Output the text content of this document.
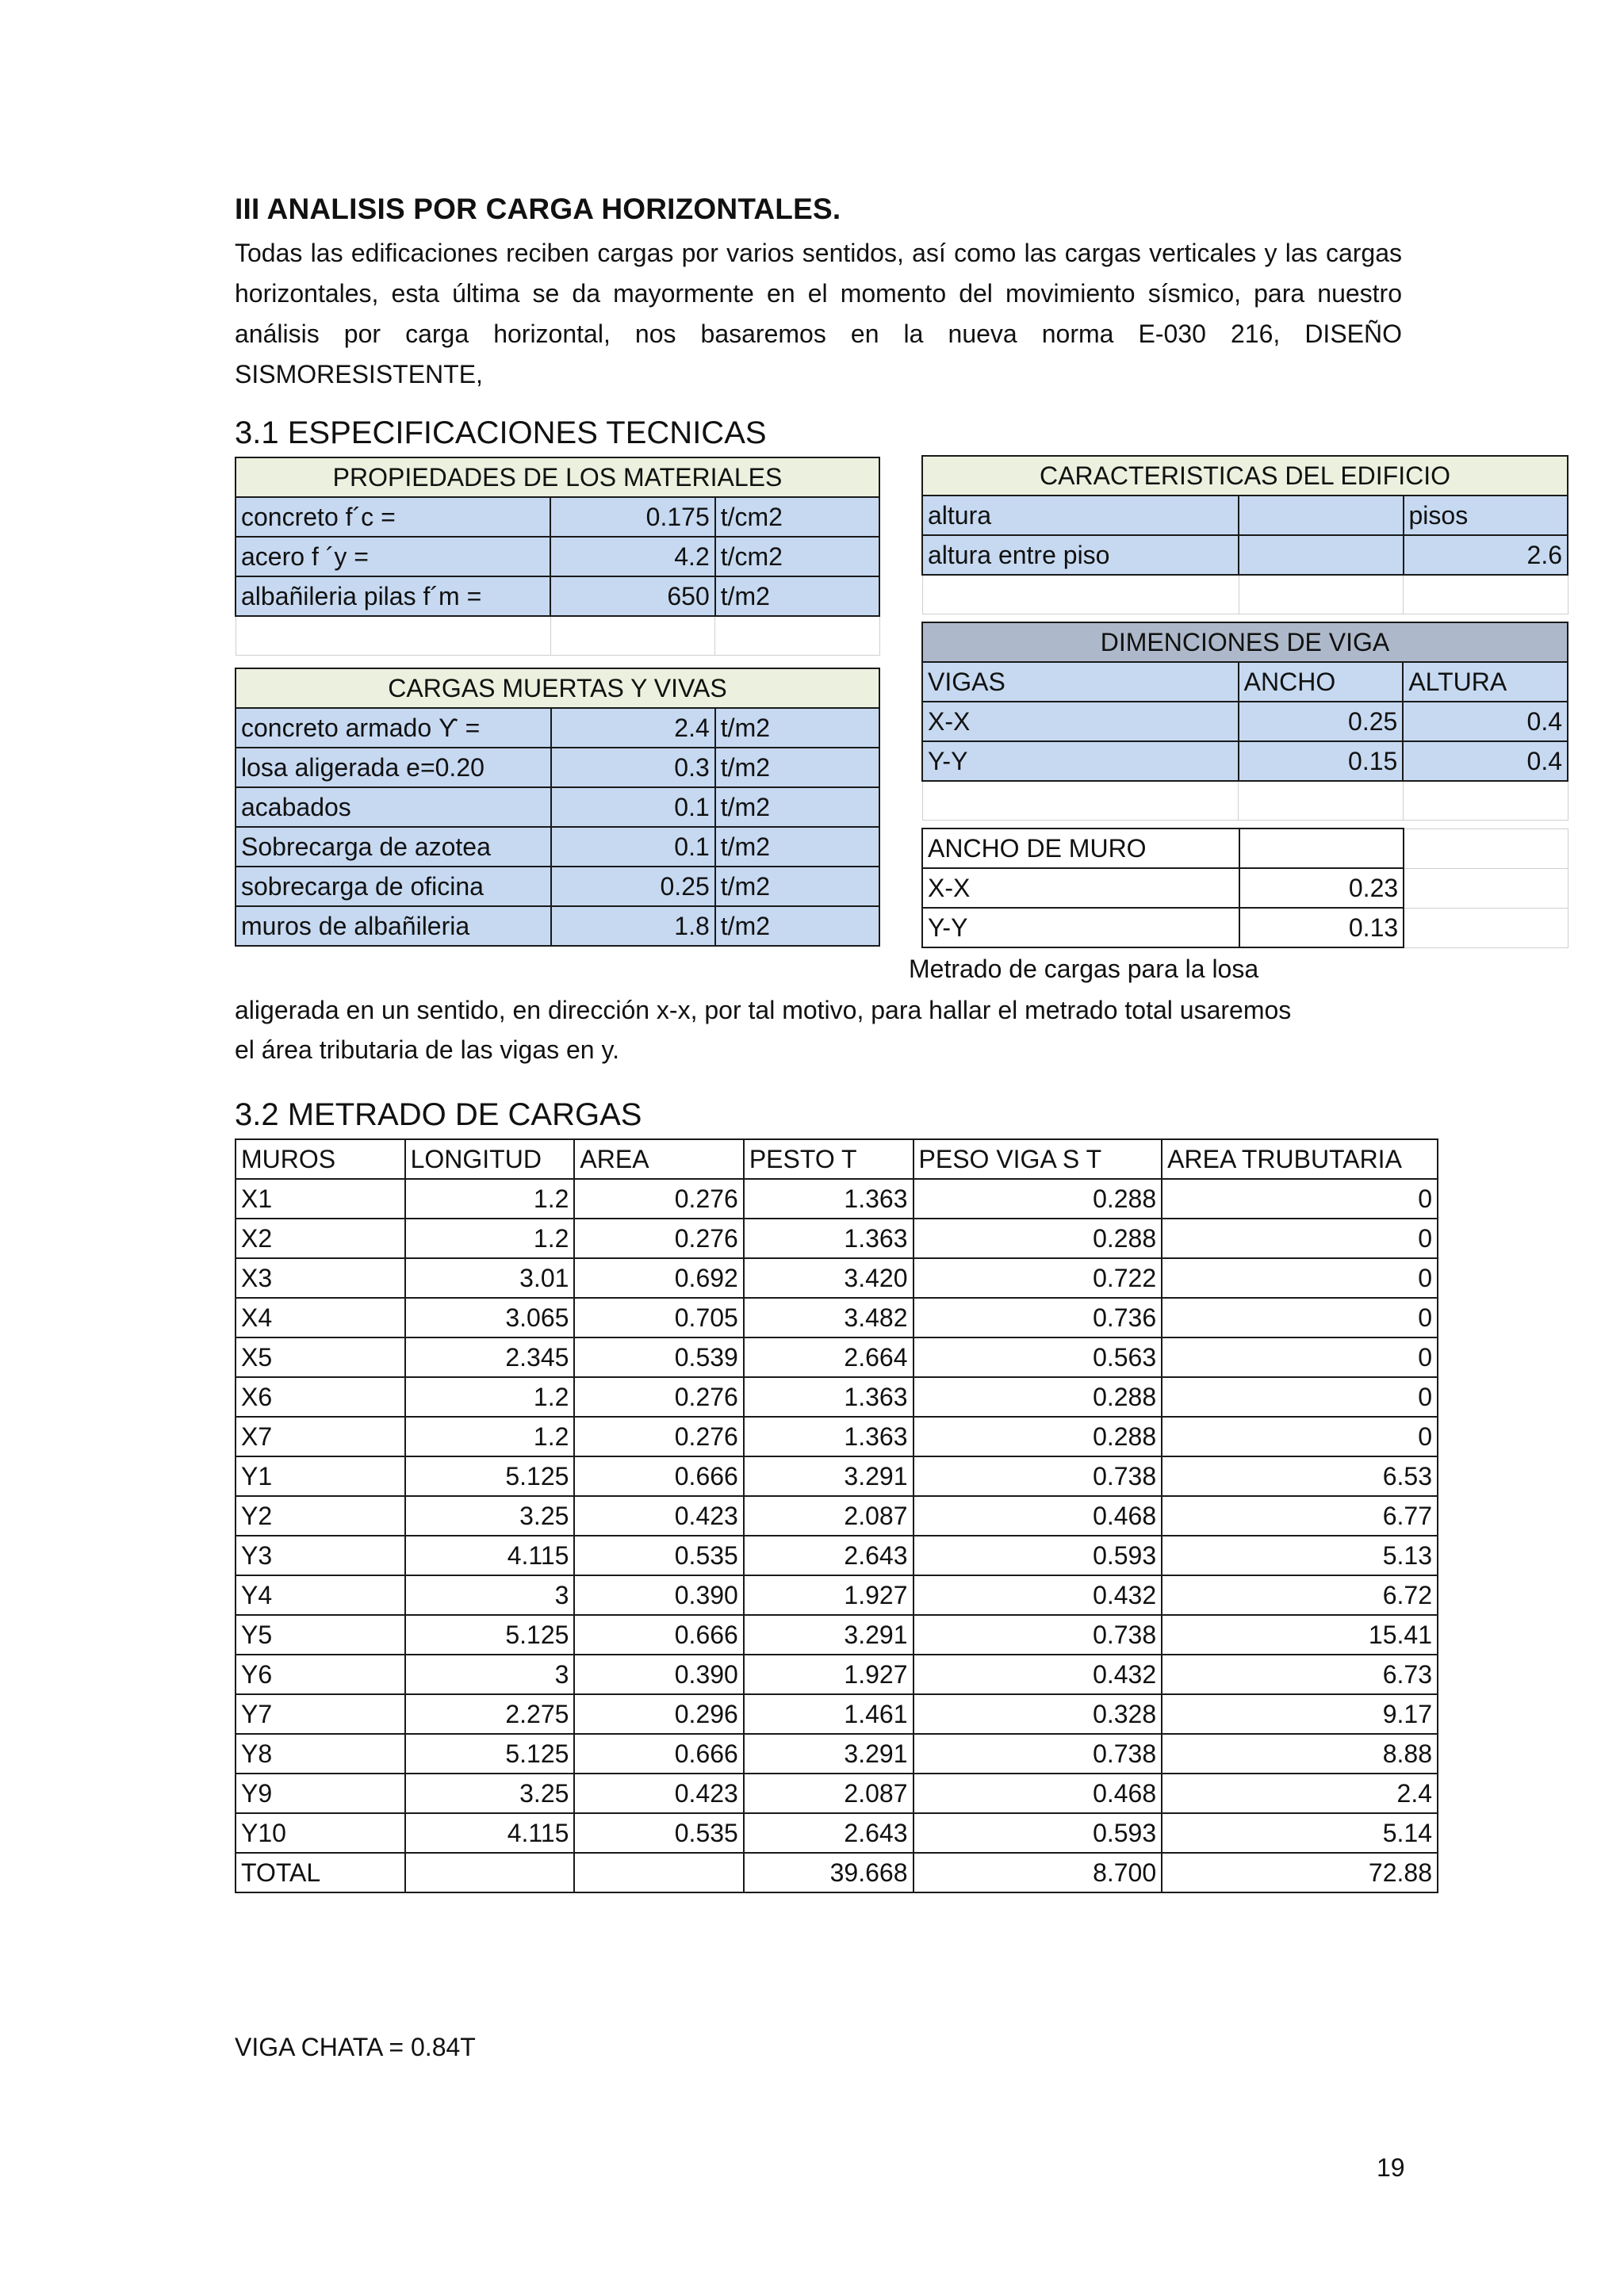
III ANALISIS POR CARGA HORIZONTALES.
Todas las edificaciones reciben cargas por varios sentidos, así como las cargas verticales y las cargas horizontales, esta última se da mayormente en el momento del movimiento sísmico, para nuestro análisis por carga horizontal, nos basaremos en la nueva norma E-030 216, DISEÑO SISMORESISTENTE,
3.1 ESPECIFICACIONES TECNICAS
PROPIEDADES DE LOS MATERIALES		
concreto f´c =	0.175	t/cm2
acero f ´y =	4.2	t/cm2
albañileria pilas f´m =	650	t/m2

CARGAS MUERTAS Y VIVAS		
concreto armado ϒ =	2.4	t/m2
losa aligerada e=0.20	0.3	t/m2
acabados	0.1	t/m2
Sobrecarga de azotea	0.1	t/m2
sobrecarga de oficina	0.25	t/m2
muros de albañileria	1.8	t/m2
CARACTERISTICAS DEL EDIFICIO		
altura		pisos
altura entre piso		2.6

DIMENCIONES DE VIGA		
VIGAS	ANCHO	ALTURA
X-X	0.25	0.4
Y-Y	0.15	0.4

ANCHO DE MURO		
X-X	0.23	
Y-Y	0.13	
Metrado de cargas para la losa
aligerada en un sentido, en dirección x-x, por tal motivo, para hallar el metrado total usaremos
el área tributaria de las vigas en y.
3.2 METRADO DE CARGAS
MUROS	LONGITUD	AREA	PESTO T	PESO VIGA S T	AREA TRUBUTARIA
X1	1.2	0.276	1.363	0.288	0
X2	1.2	0.276	1.363	0.288	0
X3	3.01	0.692	3.420	0.722	0
X4	3.065	0.705	3.482	0.736	0
X5	2.345	0.539	2.664	0.563	0
X6	1.2	0.276	1.363	0.288	0
X7	1.2	0.276	1.363	0.288	0
Y1	5.125	0.666	3.291	0.738	6.53
Y2	3.25	0.423	2.087	0.468	6.77
Y3	4.115	0.535	2.643	0.593	5.13
Y4	3	0.390	1.927	0.432	6.72
Y5	5.125	0.666	3.291	0.738	15.41
Y6	3	0.390	1.927	0.432	6.73
Y7	2.275	0.296	1.461	0.328	9.17
Y8	5.125	0.666	3.291	0.738	8.88
Y9	3.25	0.423	2.087	0.468	2.4
Y10	4.115	0.535	2.643	0.593	5.14
TOTAL			39.668	8.700	72.88
VIGA CHATA = 0.84T
19
